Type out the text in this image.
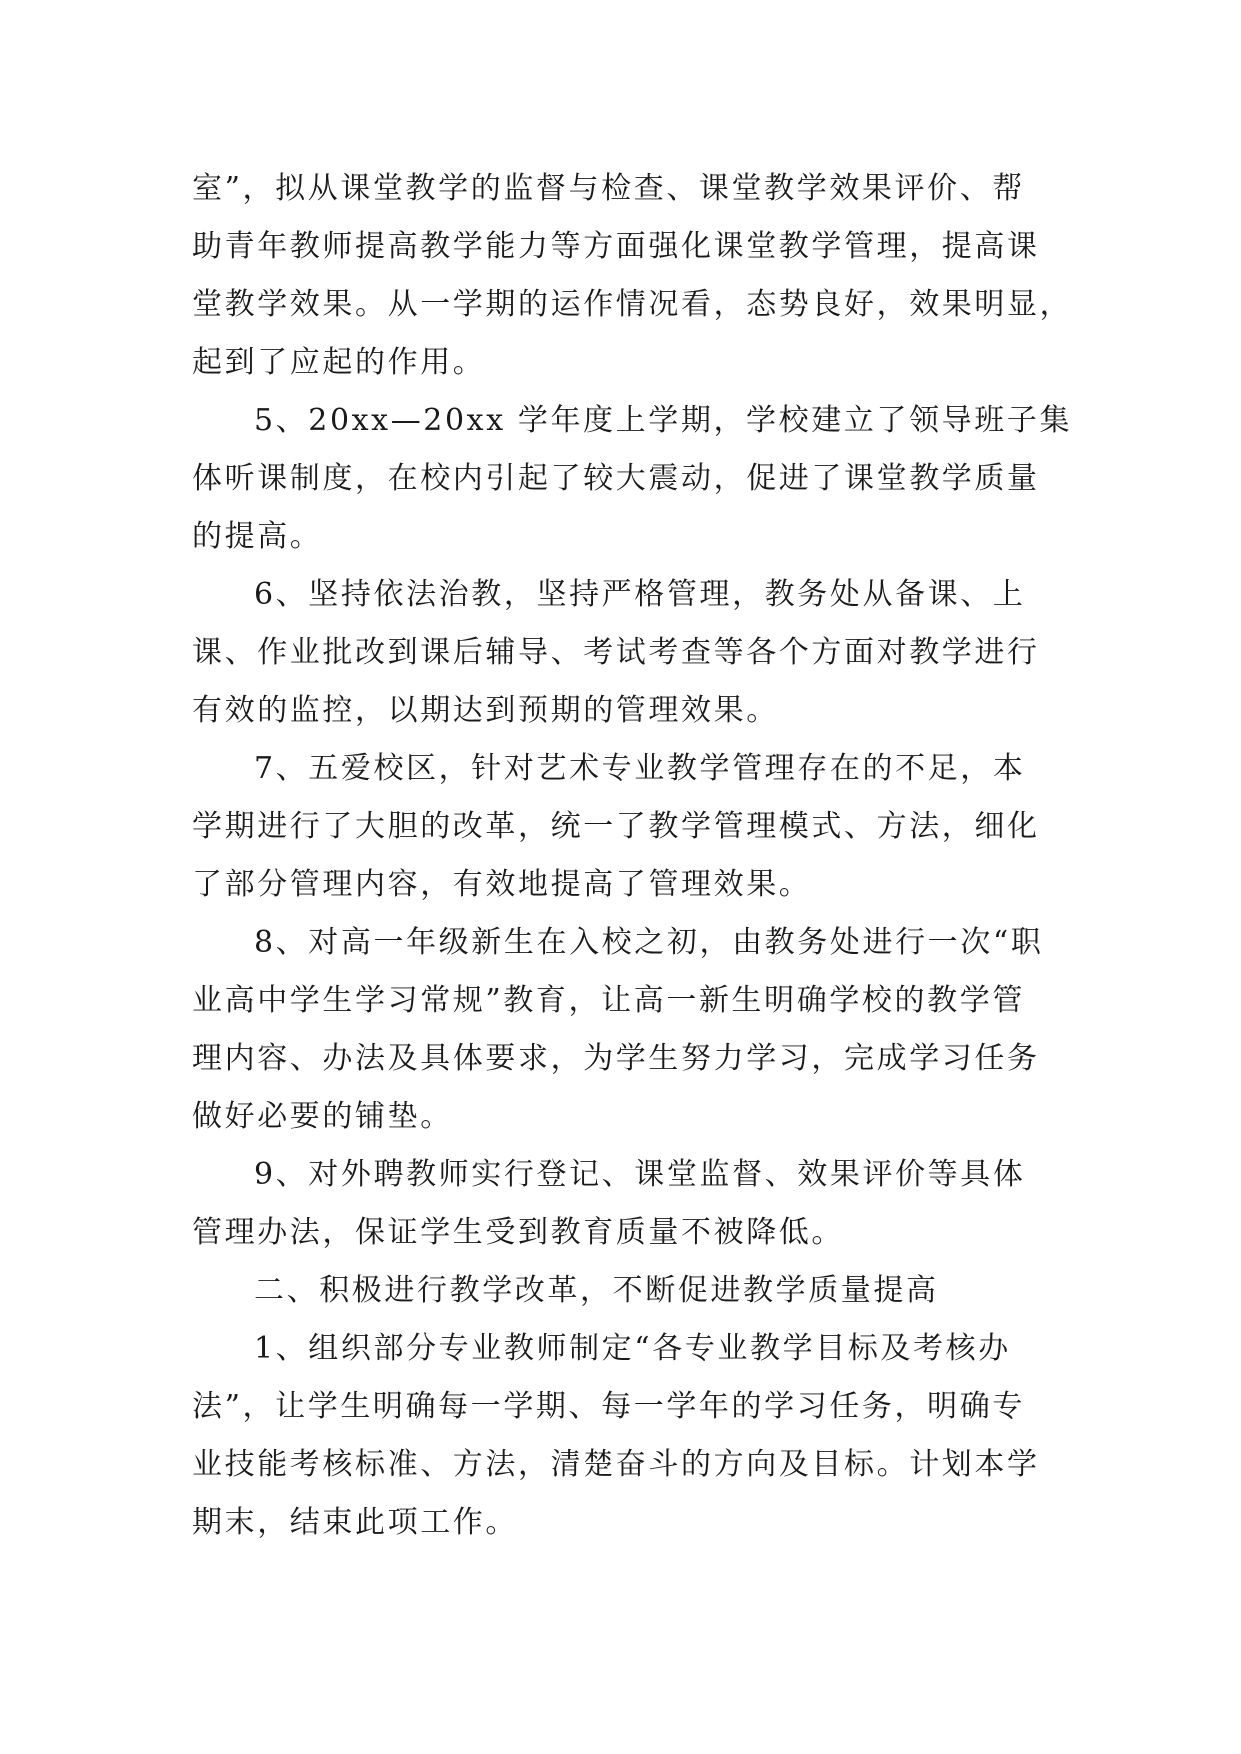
室”，拟从课堂教学的监督与检查、课堂教学效果评价、帮
助青年教师提高教学能力等方面强化课堂教学管理，提高课
堂教学效果。从一学期的运作情况看，态势良好，效果明显，
起到了应起的作用。
5、20xx—20xx 学年度上学期，学校建立了领导班子集
体听课制度，在校内引起了较大震动，促进了课堂教学质量
的提高。
6、坚持依法治教，坚持严格管理，教务处从备课、上
课、作业批改到课后辅导、考试考查等各个方面对教学进行
有效的监控，以期达到预期的管理效果。
7、五爱校区，针对艺术专业教学管理存在的不足，本
学期进行了大胆的改革，统一了教学管理模式、方法，细化
了部分管理内容，有效地提高了管理效果。
8、对高一年级新生在入校之初，由教务处进行一次“职
业高中学生学习常规”教育，让高一新生明确学校的教学管
理内容、办法及具体要求，为学生努力学习，完成学习任务
做好必要的铺垫。
9、对外聘教师实行登记、课堂监督、效果评价等具体
管理办法，保证学生受到教育质量不被降低。
二、积极进行教学改革，不断促进教学质量提高
1、组织部分专业教师制定“各专业教学目标及考核办
法”，让学生明确每一学期、每一学年的学习任务，明确专
业技能考核标准、方法，清楚奋斗的方向及目标。计划本学
期末，结束此项工作。
